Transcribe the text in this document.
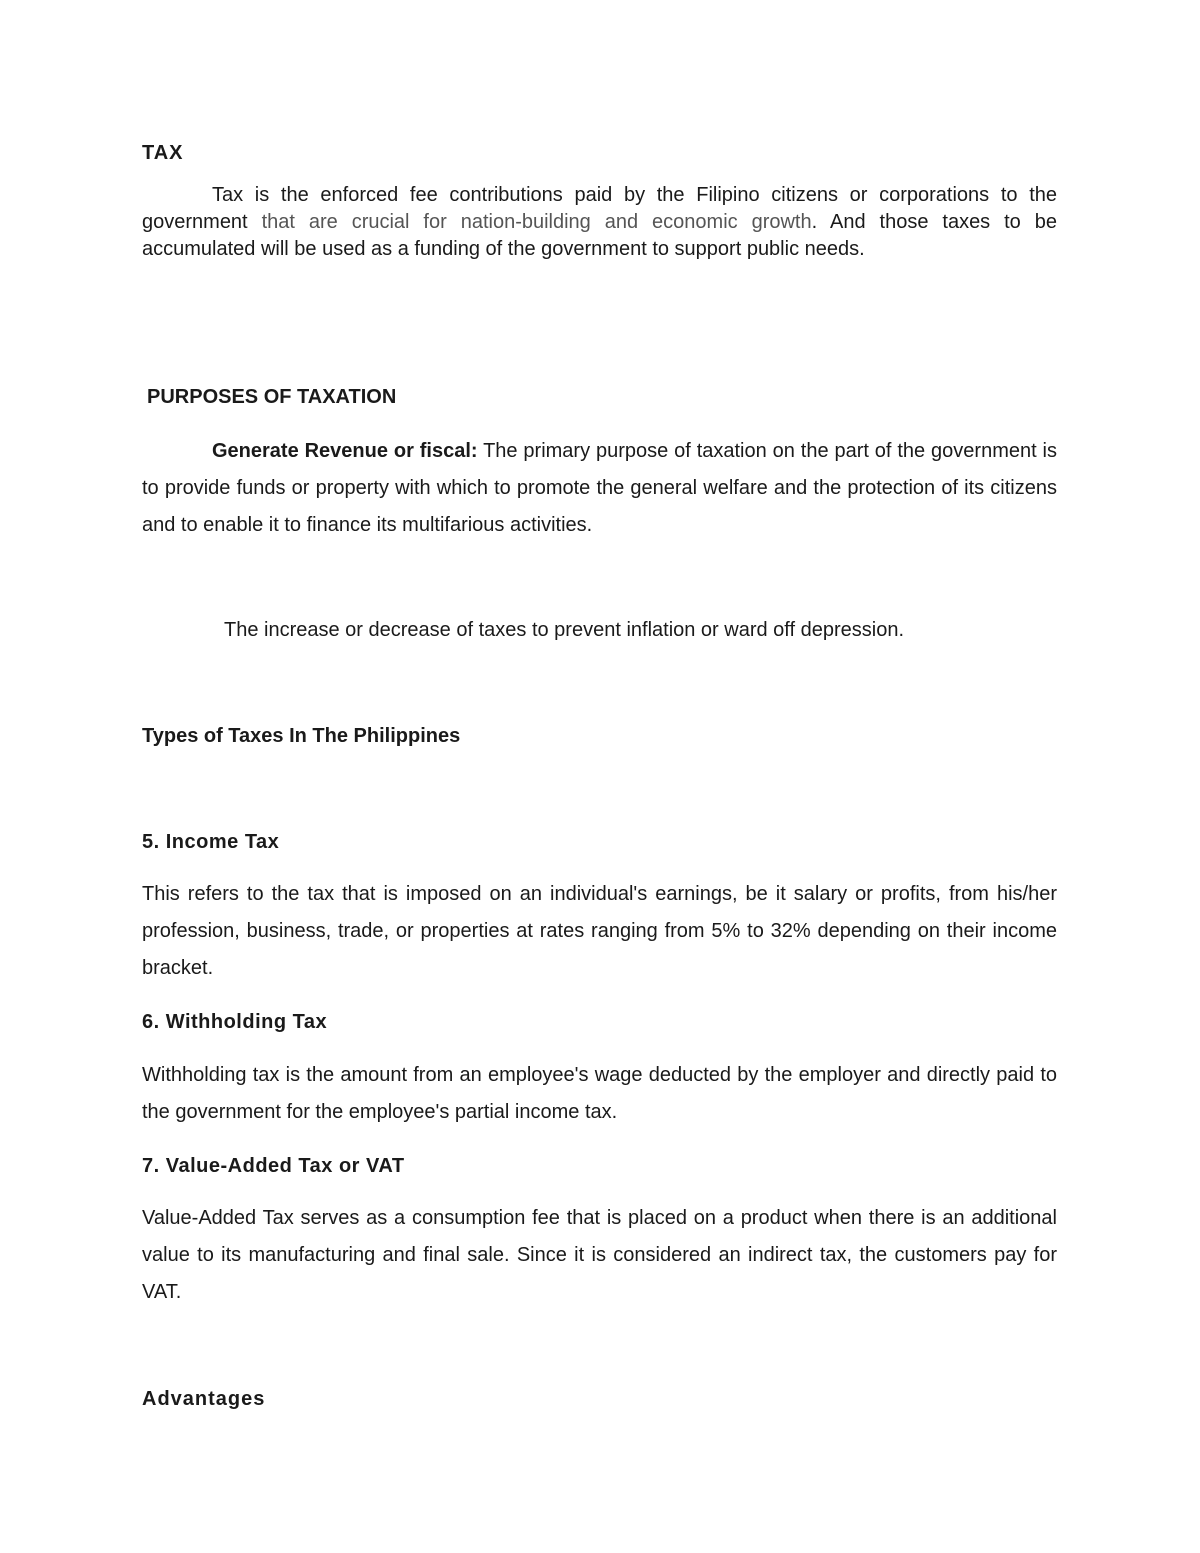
TAX

Tax is the enforced fee contributions paid by the Filipino citizens or corporations to the government that are crucial for nation-building and economic growth. And those taxes to be accumulated will be used as a funding of the government to support public needs.

PURPOSES OF TAXATION

Generate Revenue or fiscal: The primary purpose of taxation on the part of the government is to provide funds or property with which to promote the general welfare and the protection of its citizens and to enable it to finance its multifarious activities.

The increase or decrease of taxes to prevent inflation or ward off depression.
Types of Taxes In The Philippines
5. Income Tax

This refers to the tax that is imposed on an individual's earnings, be it salary or profits, from his/her profession, business, trade, or properties at rates ranging from 5% to 32% depending on their income bracket.

6. Withholding Tax

Withholding tax is the amount from an employee's wage deducted by the employer and directly paid to the government for the employee's partial income tax.

7. Value-Added Tax or VAT

Value-Added Tax serves as a consumption fee that is placed on a product when there is an additional value to its manufacturing and final sale. Since it is considered an indirect tax, the customers pay for VAT.

Advantages
